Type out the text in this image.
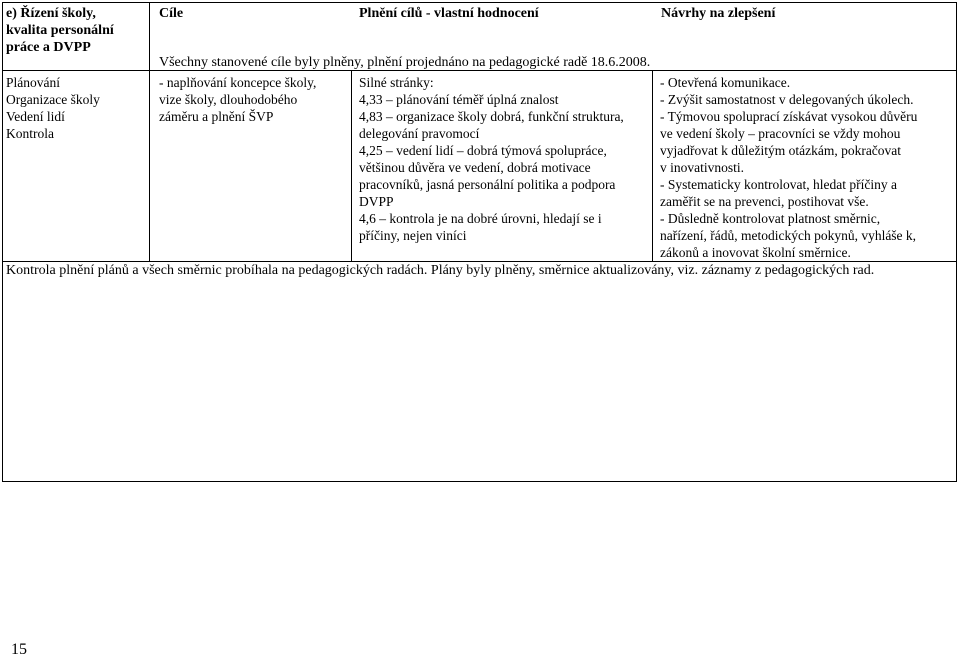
e) Řízení školy,
kvalita personální
práce a DVPP
Cíle	Plnění cílů - vlastní hodnocení	Návrhy na zlepšení
Všechny stanovené cíle byly plněny, plnění projednáno na pedagogické radě 18.6.2008.
Plánování
Organizace školy
Vedení lidí
Kontrola
- naplňování koncepce školy,
vize školy, dlouhodobého
záměru a plnění ŠVP
Silné stránky:
4,33 – plánování téměř úplná znalost
4,83 – organizace školy dobrá, funkční struktura,
delegování pravomocí
4,25 – vedení lidí – dobrá týmová spolupráce,
většinou důvěra ve vedení, dobrá motivace
pracovníků, jasná personální politika a podpora
DVPP
4,6 – kontrola je na dobré úrovni, hledají se i
příčiny, nejen viníci
- Otevřená komunikace.
- Zvýšit samostatnost v delegovaných úkolech.
- Týmovou spoluprací získávat vysokou důvěru
ve vedení školy – pracovníci se vždy mohou
vyjadřovat k důležitým otázkám, pokračovat
v inovativnosti.
- Systematicky kontrolovat, hledat příčiny a
zaměřit se na prevenci, postihovat vše.
- Důsledně kontrolovat platnost směrnic,
nařízení, řádů, metodických pokynů, vyhláše k,
zákonů a inovovat školní směrnice.
Kontrola plnění plánů a všech směrnic probíhala na pedagogických radách. Plány byly plněny, směrnice aktualizovány, viz. záznamy z pedagogických rad.
15
